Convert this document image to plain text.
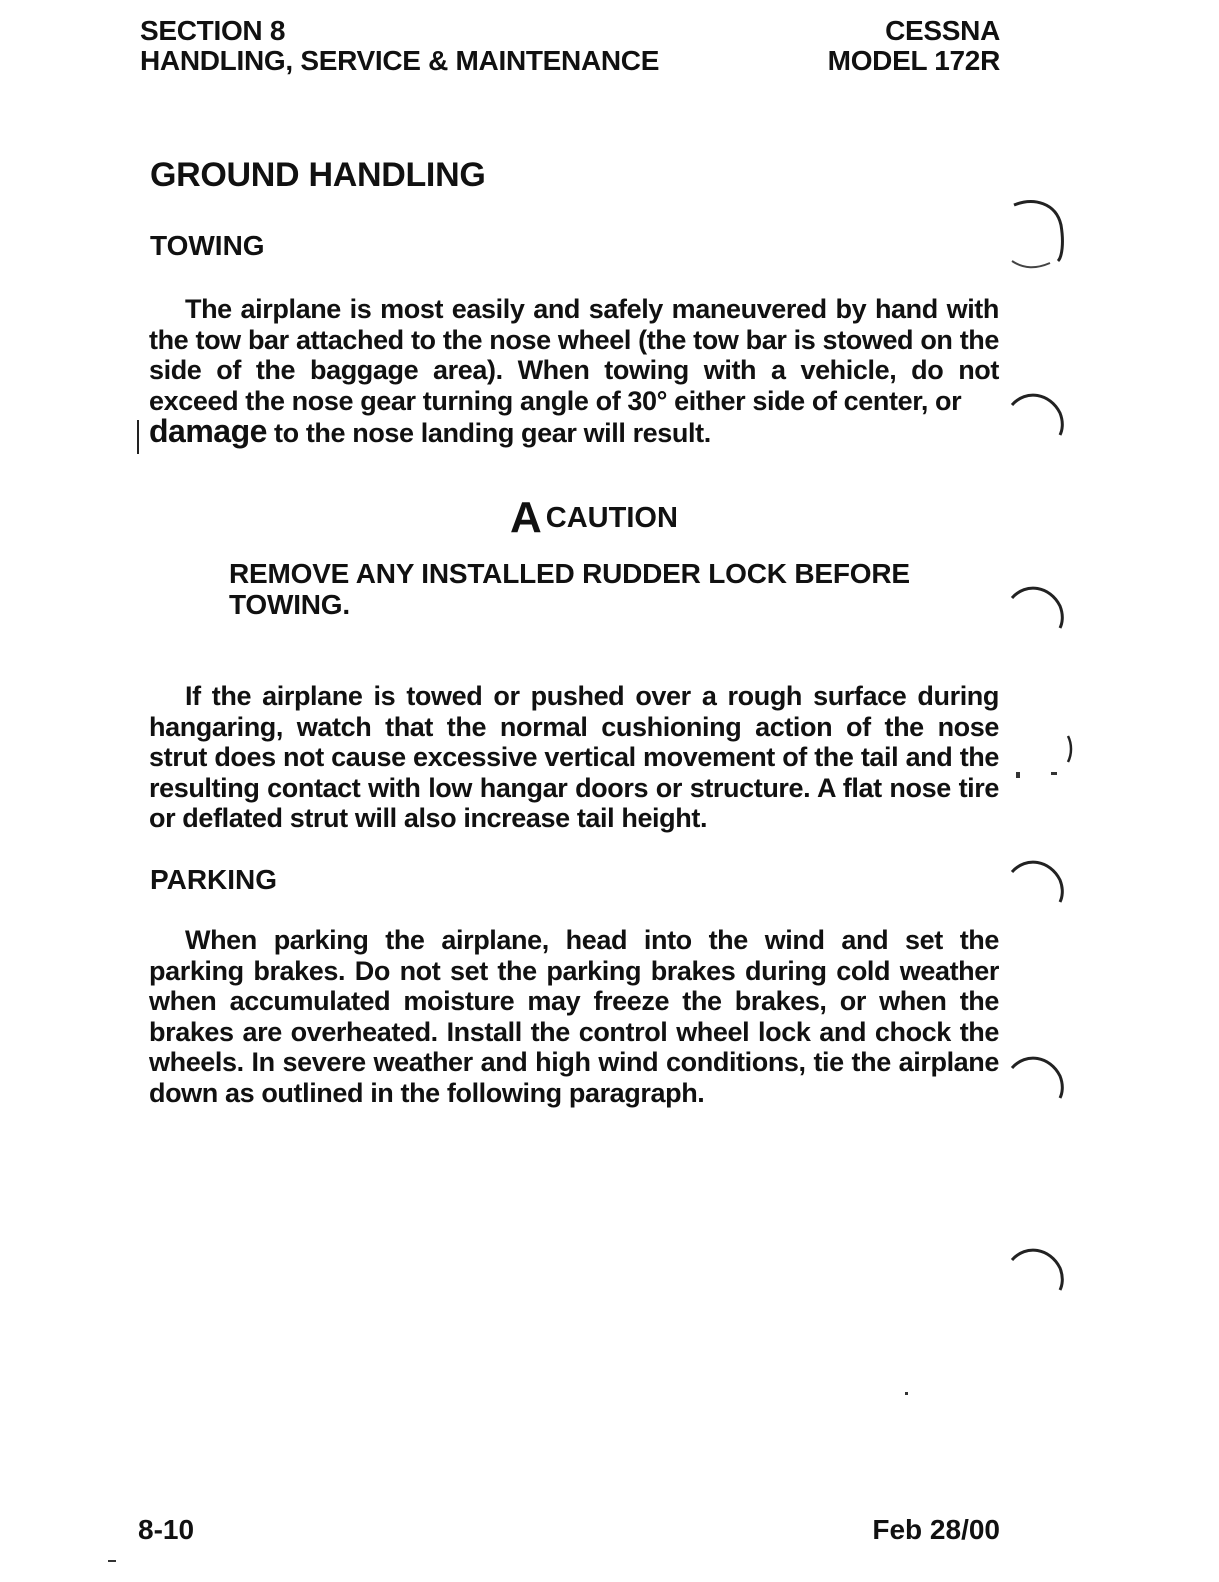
SECTION 8
HANDLING, SERVICE & MAINTENANCE
CESSNA
MODEL 172R
GROUND HANDLING
TOWING

The airplane is most easily and safely maneuvered by hand with the tow bar attached to the nose wheel (the tow bar is stowed on the side of the baggage area). When towing with a vehicle, do not exceed the nose gear turning angle of 30° either side of center, or
damage to the nose landing gear will result.

ACAUTION
REMOVE ANY INSTALLED RUDDER LOCK BEFORE TOWING.

If the airplane is towed or pushed over a rough surface during hangaring, watch that the normal cushioning action of the nose strut does not cause excessive vertical movement of the tail and the resulting contact with low hangar doors or structure. A flat nose tire or deflated strut will also increase tail height.

PARKING

When parking the airplane, head into the wind and set the parking brakes. Do not set the parking brakes during cold weather when accumulated moisture may freeze the brakes, or when the brakes are overheated. Install the control wheel lock and chock the wheels. In severe weather and high wind conditions, tie the airplane down as outlined in the following paragraph.

8-10	Feb 28/00
